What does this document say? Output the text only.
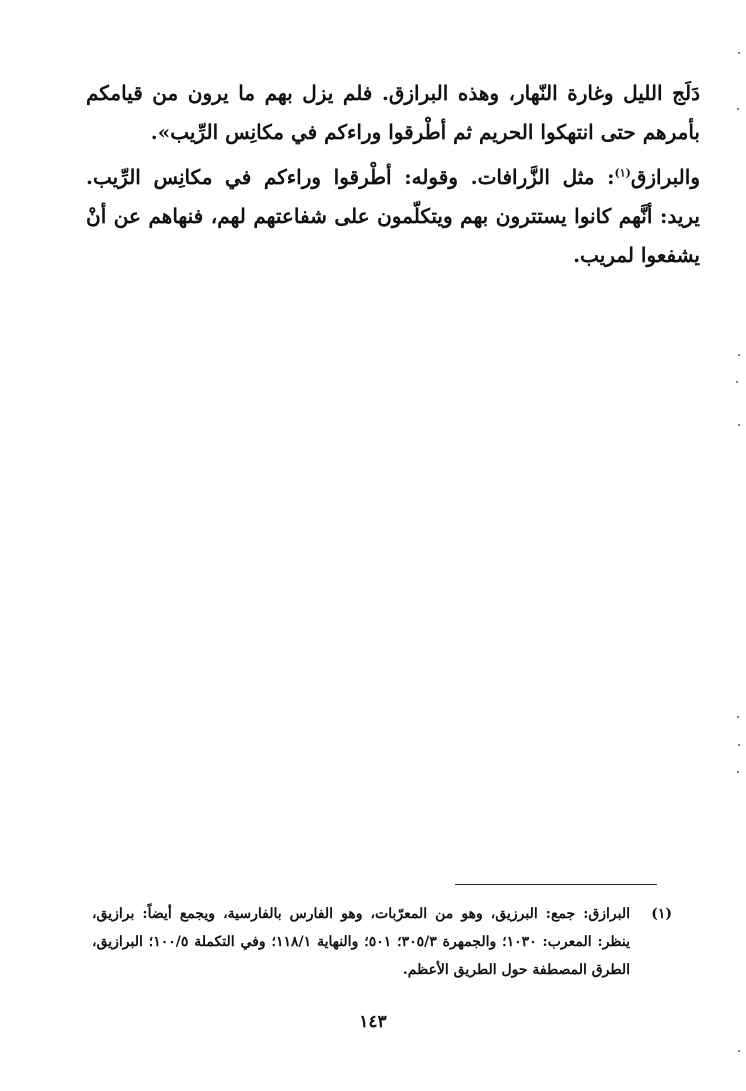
دَلَج الليل وغارة النّهار، وهذه البرازق. فلم يزل بهم ما يرون من قيامكم بأمرهم حتى انتهكوا الحريم ثم أطْرقوا وراءكم في مكانِس الرِّيب».

والبرازق$^{(١)}$: مثل الزَّرافات. وقوله: أطْرقوا وراءكم في مكانِس الرِّيب. يريد: أنَّهم كانوا يستترون بهم ويتكلّمون على شفاعتهم لهم، فنهاهم عن أنْ يشفعوا لمريب.

(١)
البرازق: جمع: البرزيق، وهو من المعرّبات، وهو الفارس بالفارسية، ويجمع أيضاً: برازيق، ينظر: المعرب: ١٠٣٠؛ والجمهرة ٣٠٥/٣؛ ٥٠١؛ والنهاية ١١٨/١؛ وفي التكملة ١٠٠/٥؛ البرازيق، الطرق المصطفة حول الطريق الأعظم.
١٤٣
